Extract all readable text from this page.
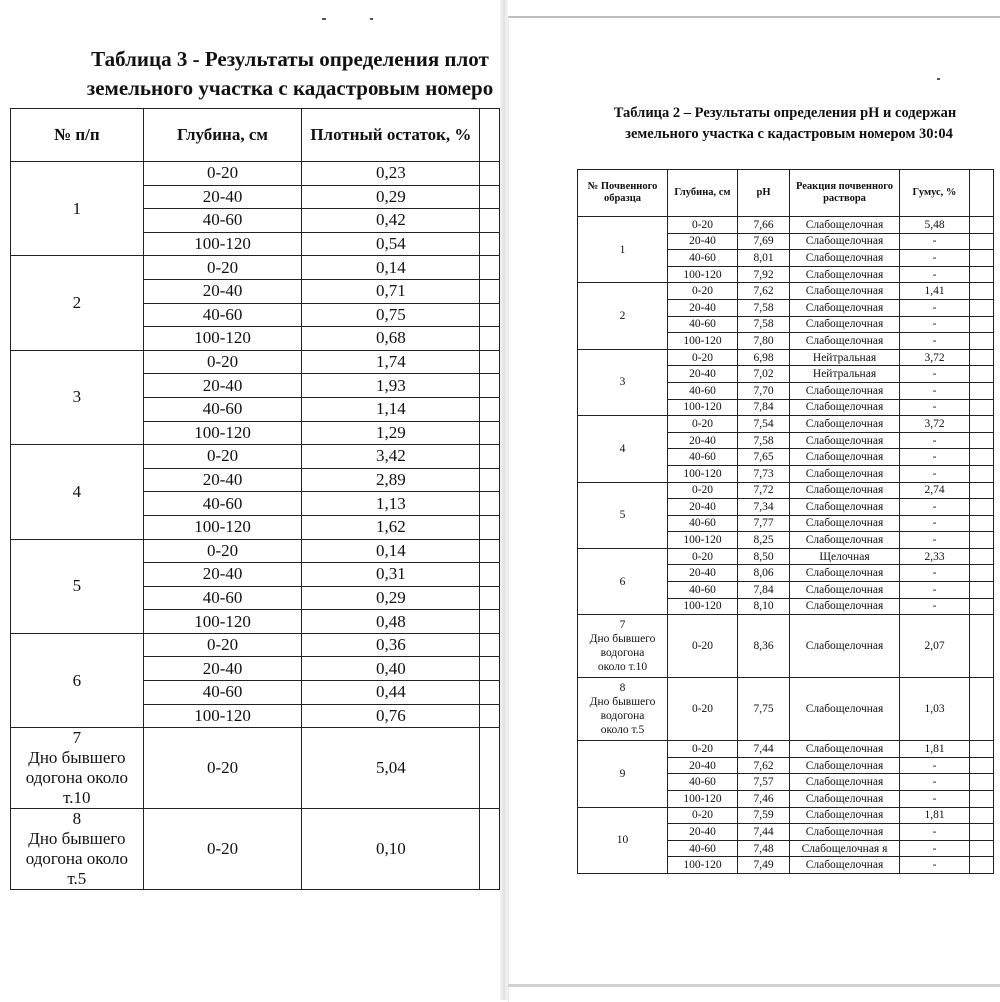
Таблица 3 - Результаты определения плот
земельного участка с кадастровым номеро
№ п/п	Глубина, см	Плотный остаток, %	
1	0-20	0,23	
	20-40	0,29	
	40-60	0,42	
	100-120	0,54	
2	0-20	0,14	
	20-40	0,71	
	40-60	0,75	
	100-120	0,68	
3	0-20	1,74	
	20-40	1,93	
	40-60	1,14	
	100-120	1,29	
4	0-20	3,42	
	20-40	2,89	
	40-60	1,13	
	100-120	1,62	
5	0-20	0,14	
	20-40	0,31	
	40-60	0,29	
	100-120	0,48	
6	0-20	0,36	
	20-40	0,40	
	40-60	0,44	
	100-120	0,76	
7
Дно бывшего
одогона около
т.10	0-20	5,04	
8
Дно бывшего
одогона около
т.5	0-20	0,10	
Таблица 2 – Результаты определения pH и содержан
земельного участка с кадастровым номером 30:04
№ Почвенного образца	Глубина, см	pH	Реакция почвенного раствора	Гумус, %	
1	0-20	7,66	Слабощелочная	5,48	
	20-40	7,69	Слабощелочная	-	
	40-60	8,01	Слабощелочная	-	
	100-120	7,92	Слабощелочная	-	
2	0-20	7,62	Слабощелочная	1,41	
	20-40	7,58	Слабощелочная	-	
	40-60	7,58	Слабощелочная	-	
	100-120	7,80	Слабощелочная	-	
3	0-20	6,98	Нейтральная	3,72	
	20-40	7,02	Нейтральная	-	
	40-60	7,70	Слабощелочная	-	
	100-120	7,84	Слабощелочная	-	
4	0-20	7,54	Слабощелочная	3,72	
	20-40	7,58	Слабощелочная	-	
	40-60	7,65	Слабощелочная	-	
	100-120	7,73	Слабощелочная	-	
5	0-20	7,72	Слабощелочная	2,74	
	20-40	7,34	Слабощелочная	-	
	40-60	7,77	Слабощелочная	-	
	100-120	8,25	Слабощелочная	-	
6	0-20	8,50	Щелочная	2,33	
	20-40	8,06	Слабощелочная	-	
	40-60	7,84	Слабощелочная	-	
	100-120	8,10	Слабощелочная	-	
7
Дно бывшего
водогона
около т.10	0-20	8,36	Слабощелочная	2,07	
8
Дно бывшего
водогона
около т.5	0-20	7,75	Слабощелочная	1,03	
9	0-20	7,44	Слабощелочная	1,81	
	20-40	7,62	Слабощелочная	-	
	40-60	7,57	Слабощелочная	-	
	100-120	7,46	Слабощелочная	-	
10	0-20	7,59	Слабощелочная	1,81	
	20-40	7,44	Слабощелочная	-	
	40-60	7,48	Слабощелочная я	-	
	100-120	7,49	Слабощелочная	-	
